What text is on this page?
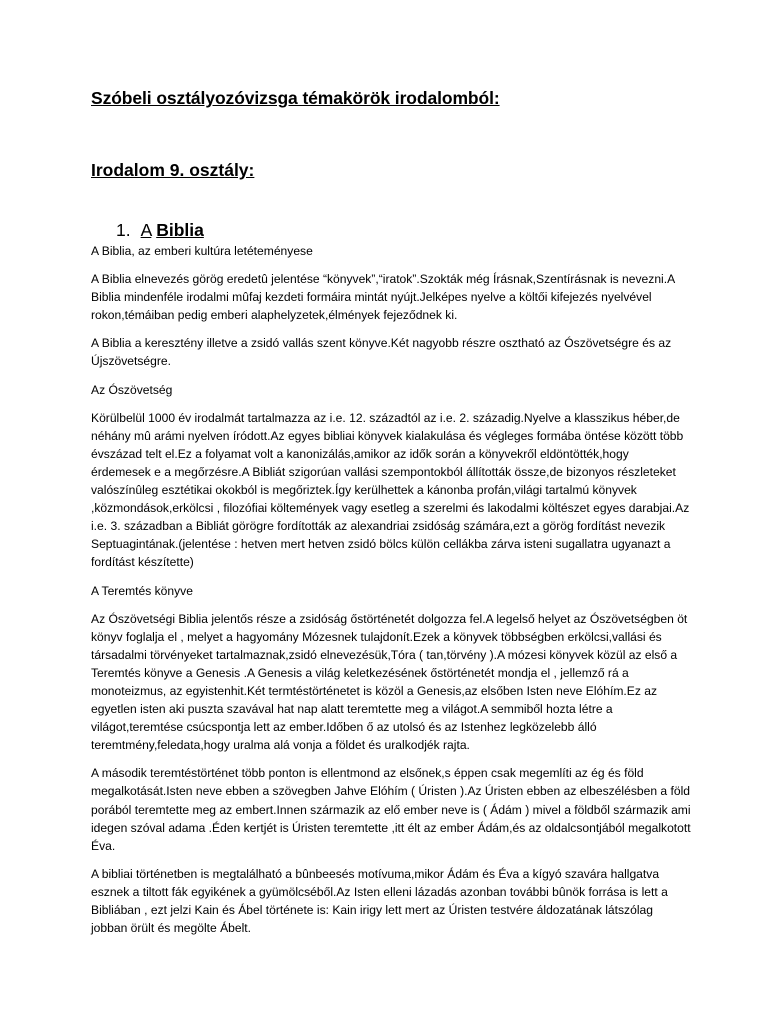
Szóbeli osztályozóvizsga témakörök irodalomból:
Irodalom 9. osztály:
1. A Biblia

A Biblia, az emberi kultúra letéteményese

A Biblia elnevezés görög eredetû jelentése “könyvek”,“iratok”.Szokták még Írásnak,Szentírásnak is nevezni.A Biblia mindenféle irodalmi mûfaj kezdeti formáira mintát nyújt.Jelképes nyelve a költői kifejezés nyelvével rokon,témáiban pedig emberi alaphelyzetek,élmények fejeződnek ki.

A Biblia a keresztény illetve a zsidó vallás szent könyve.Két nagyobb részre osztható az Ószövetségre és az Újszövetségre.

Az Ószövetség

Körülbelül 1000 év irodalmát tartalmazza az i.e. 12. századtól az i.e. 2. századig.Nyelve a klasszikus héber,de néhány mû arámi nyelven íródott.Az egyes bibliai könyvek kialakulása és végleges formába öntése között több évszázad telt el.Ez a folyamat volt a kanonizálás,amikor az idők során a könyvekről eldöntötték,hogy érdemesek e a megőrzésre.A Bibliát szigorúan vallási szempontokból állították össze,de bizonyos részleteket valószínûleg esztétikai okokból is megőriztek.Így kerülhettek a kánonba profán,világi tartalmú könyvek ,közmondások,erkölcsi , filozófiai költemények vagy esetleg a szerelmi és lakodalmi költészet egyes darabjai.Az i.e. 3. században a Bibliát görögre fordították az alexandriai zsidóság számára,ezt a görög fordítást nevezik Septuagintának.(jelentése : hetven mert hetven zsidó bölcs külön cellákba zárva isteni sugallatra ugyanazt a fordítást készítette)

A Teremtés könyve

Az Ószövetségi Biblia jelentős része a zsidóság őstörténetét dolgozza fel.A legelső helyet az Ószövetségben öt könyv foglalja el , melyet a hagyomány Mózesnek tulajdonít.Ezek a könyvek többségben erkölcsi,vallási és társadalmi törvényeket tartalmaznak,zsidó elnevezésük,Tóra ( tan,törvény ).A mózesi könyvek közül az első a Teremtés könyve a Genesis .A Genesis a világ keletkezésének őstörténetét mondja el , jellemző rá a monoteizmus, az egyistenhit.Két termtéstörténetet is közöl a Genesis,az elsőben Isten neve Elóhím.Ez az egyetlen isten aki puszta szavával hat nap alatt teremtette meg a világot.A semmiből hozta létre a világot,teremtése csúcspontja lett az ember.Időben ő az utolsó és az Istenhez legközelebb álló teremtmény,feledata,hogy uralma alá vonja a földet és uralkodjék rajta.

A második teremtéstörténet több ponton is ellentmond az elsőnek,s éppen csak megemlíti az ég és föld megalkotását.Isten neve ebben a szövegben Jahve Elóhím ( Úristen ).Az Úristen ebben az elbeszélésben a föld porából teremtette meg az embert.Innen származik az elő ember neve is ( Ádám ) mivel a földből származik ami idegen szóval adama .Éden kertjét is Úristen teremtette ,itt élt az ember Ádám,és az oldalcsontjából megalkotott Éva.

A bibliai történetben is megtalálható a bûnbeesés motívuma,mikor Ádám és Éva a kígyó szavára hallgatva esznek a tiltott fák egyikének a gyümölcséből.Az Isten elleni lázadás azonban további bûnök forrása is lett a Bibliában , ezt jelzi Kain és Ábel története is: Kain irigy lett mert az Úristen testvére áldozatának látszólag jobban örült és megölte Ábelt.
